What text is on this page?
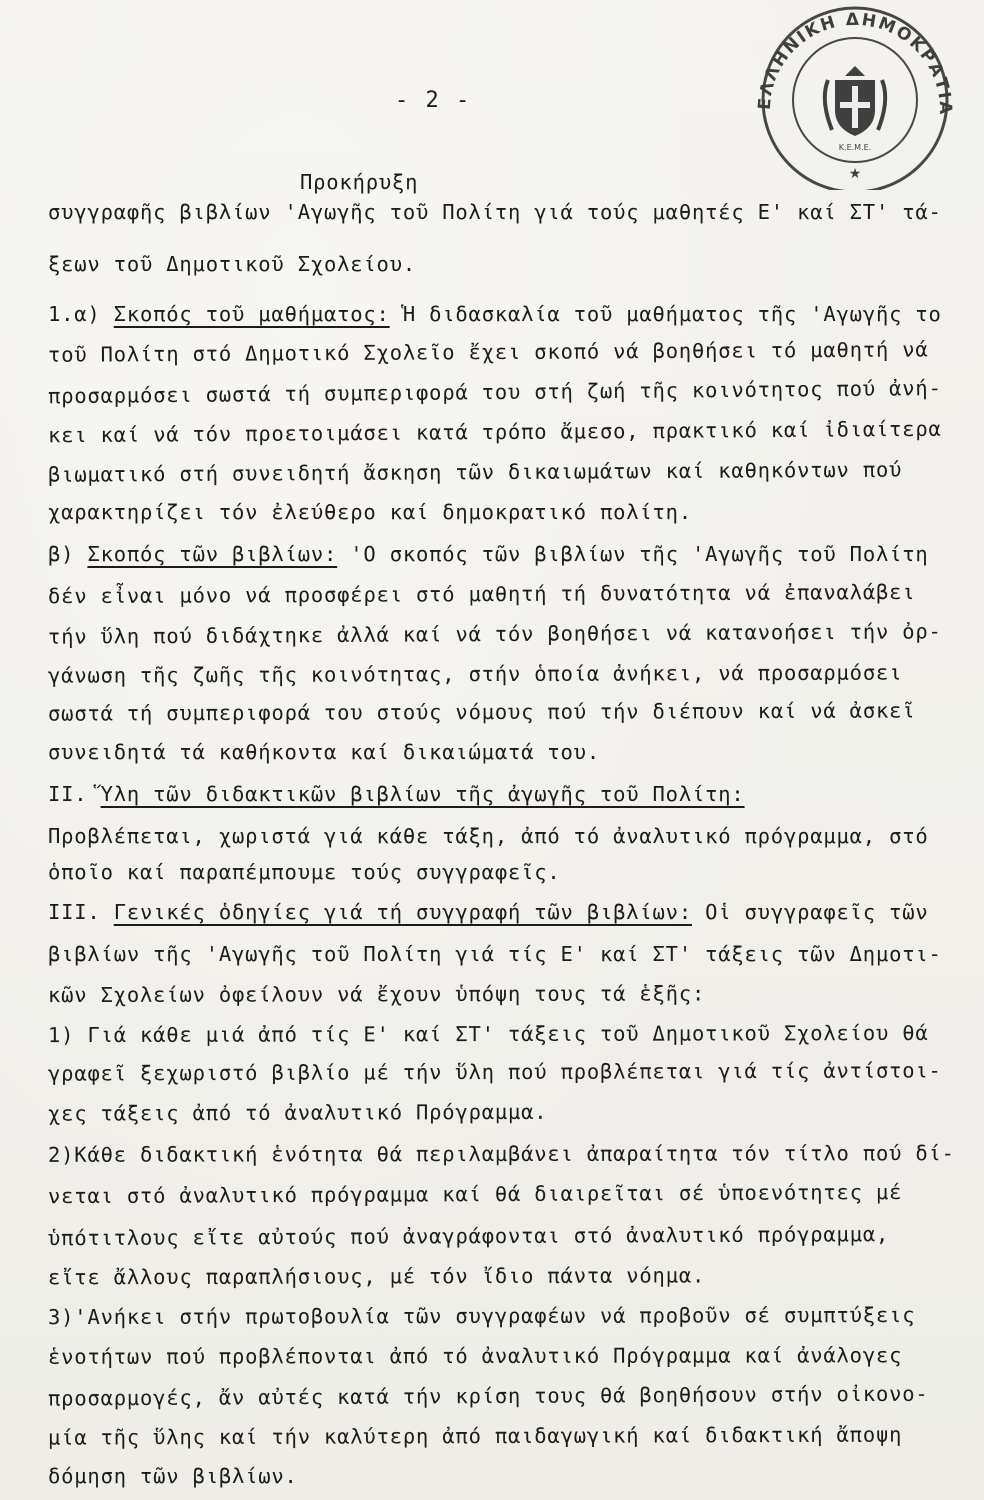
ΕΛΛΗΝΙΚΗ ΔΗΜΟΚΡΑΤΙΑ
Κ.Ε.Μ.Ε.
★
- 2 -
Προκήρυξη
συγγραφῆς βιβλίων 'Αγωγῆς τοῦ Πολίτη γιά τούς μαθητές Ε' καί ΣΤ' τά-
ξεων τοῦ Δημοτικοῦ Σχολείου.
1.α) Σκοπός τοῦ μαθήματος: Ἡ διδασκαλία τοῦ μαθήματος τῆς 'Αγωγῆς το
τοῦ Πολίτη στό Δημοτικό Σχολεῖο ἔχει σκοπό νά βοηθήσει τό μαθητή νά
προσαρμόσει σωστά τή συμπεριφορά του στή ζωή τῆς κοινότητος πού ἀνή-
κει καί νά τόν προετοιμάσει κατά τρόπο ἄμεσο, πρακτικό καί ἰδιαίτερα
βιωματικό στή συνειδητή ἄσκηση τῶν δικαιωμάτων καί καθηκόντων πού
χαρακτηρίζει τόν ἐλεύθερο καί δημοκρατικό πολίτη.
β) Σκοπός τῶν βιβλίων: 'Ο σκοπός τῶν βιβλίων τῆς 'Αγωγῆς τοῦ Πολίτη
δέν εἶναι μόνο νά προσφέρει στό μαθητή τή δυνατότητα νά ἐπαναλάβει
τήν ὕλη πού διδάχτηκε ἀλλά καί νά τόν βοηθήσει νά κατανοήσει τήν ὀρ-
γάνωση τῆς ζωῆς τῆς κοινότητας, στήν ὁποία ἀνήκει, νά προσαρμόσει
σωστά τή συμπεριφορά του στούς νόμους πού τήν διέπουν καί νά ἀσκεῖ
συνειδητά τά καθήκοντα καί δικαιώματά του.
ΙΙ. Ὕλη τῶν διδακτικῶν βιβλίων τῆς ἀγωγῆς τοῦ Πολίτη:
Προβλέπεται, χωριστά γιά κάθε τάξη, ἀπό τό ἀναλυτικό πρόγραμμα, στό
ὁποῖο καί παραπέμπουμε τούς συγγραφεῖς.
ΙΙΙ. Γενικές ὁδηγίες γιά τή συγγραφή τῶν βιβλίων: Οἱ συγγραφεῖς τῶν
βιβλίων τῆς 'Αγωγῆς τοῦ Πολίτη γιά τίς Ε' καί ΣΤ' τάξεις τῶν Δημοτι-
κῶν Σχολείων ὀφείλουν νά ἔχουν ὑπόψη τους τά ἑξῆς:
1) Γιά κάθε μιά ἀπό τίς Ε' καί ΣΤ' τάξεις τοῦ Δημοτικοῦ Σχολείου θά
γραφεῖ ξεχωριστό βιβλίο μέ τήν ὕλη πού προβλέπεται γιά τίς ἀντίστοι-
χες τάξεις ἀπό τό ἀναλυτικό Πρόγραμμα.
2)Κάθε διδακτική ἑνότητα θά περιλαμβάνει ἀπαραίτητα τόν τίτλο πού δί-
νεται στό ἀναλυτικό πρόγραμμα καί θά διαιρεῖται σέ ὑποενότητες μέ
ὑπότιτλους εἴτε αὐτούς πού ἀναγράφονται στό ἀναλυτικό πρόγραμμα,
εἴτε ἄλλους παραπλήσιους, μέ τόν ἴδιο πάντα νόημα.
3)'Ανήκει στήν πρωτοβουλία τῶν συγγραφέων νά προβοῦν σέ συμπτύξεις
ἑνοτήτων πού προβλέπονται ἀπό τό ἀναλυτικό Πρόγραμμα καί ἀνάλογες
προσαρμογές, ἄν αὐτές κατά τήν κρίση τους θά βοηθήσουν στήν οἰκονο-
μία τῆς ὕλης καί τήν καλύτερη ἀπό παιδαγωγική καί διδακτική ἄποψη
δόμηση τῶν βιβλίων.
